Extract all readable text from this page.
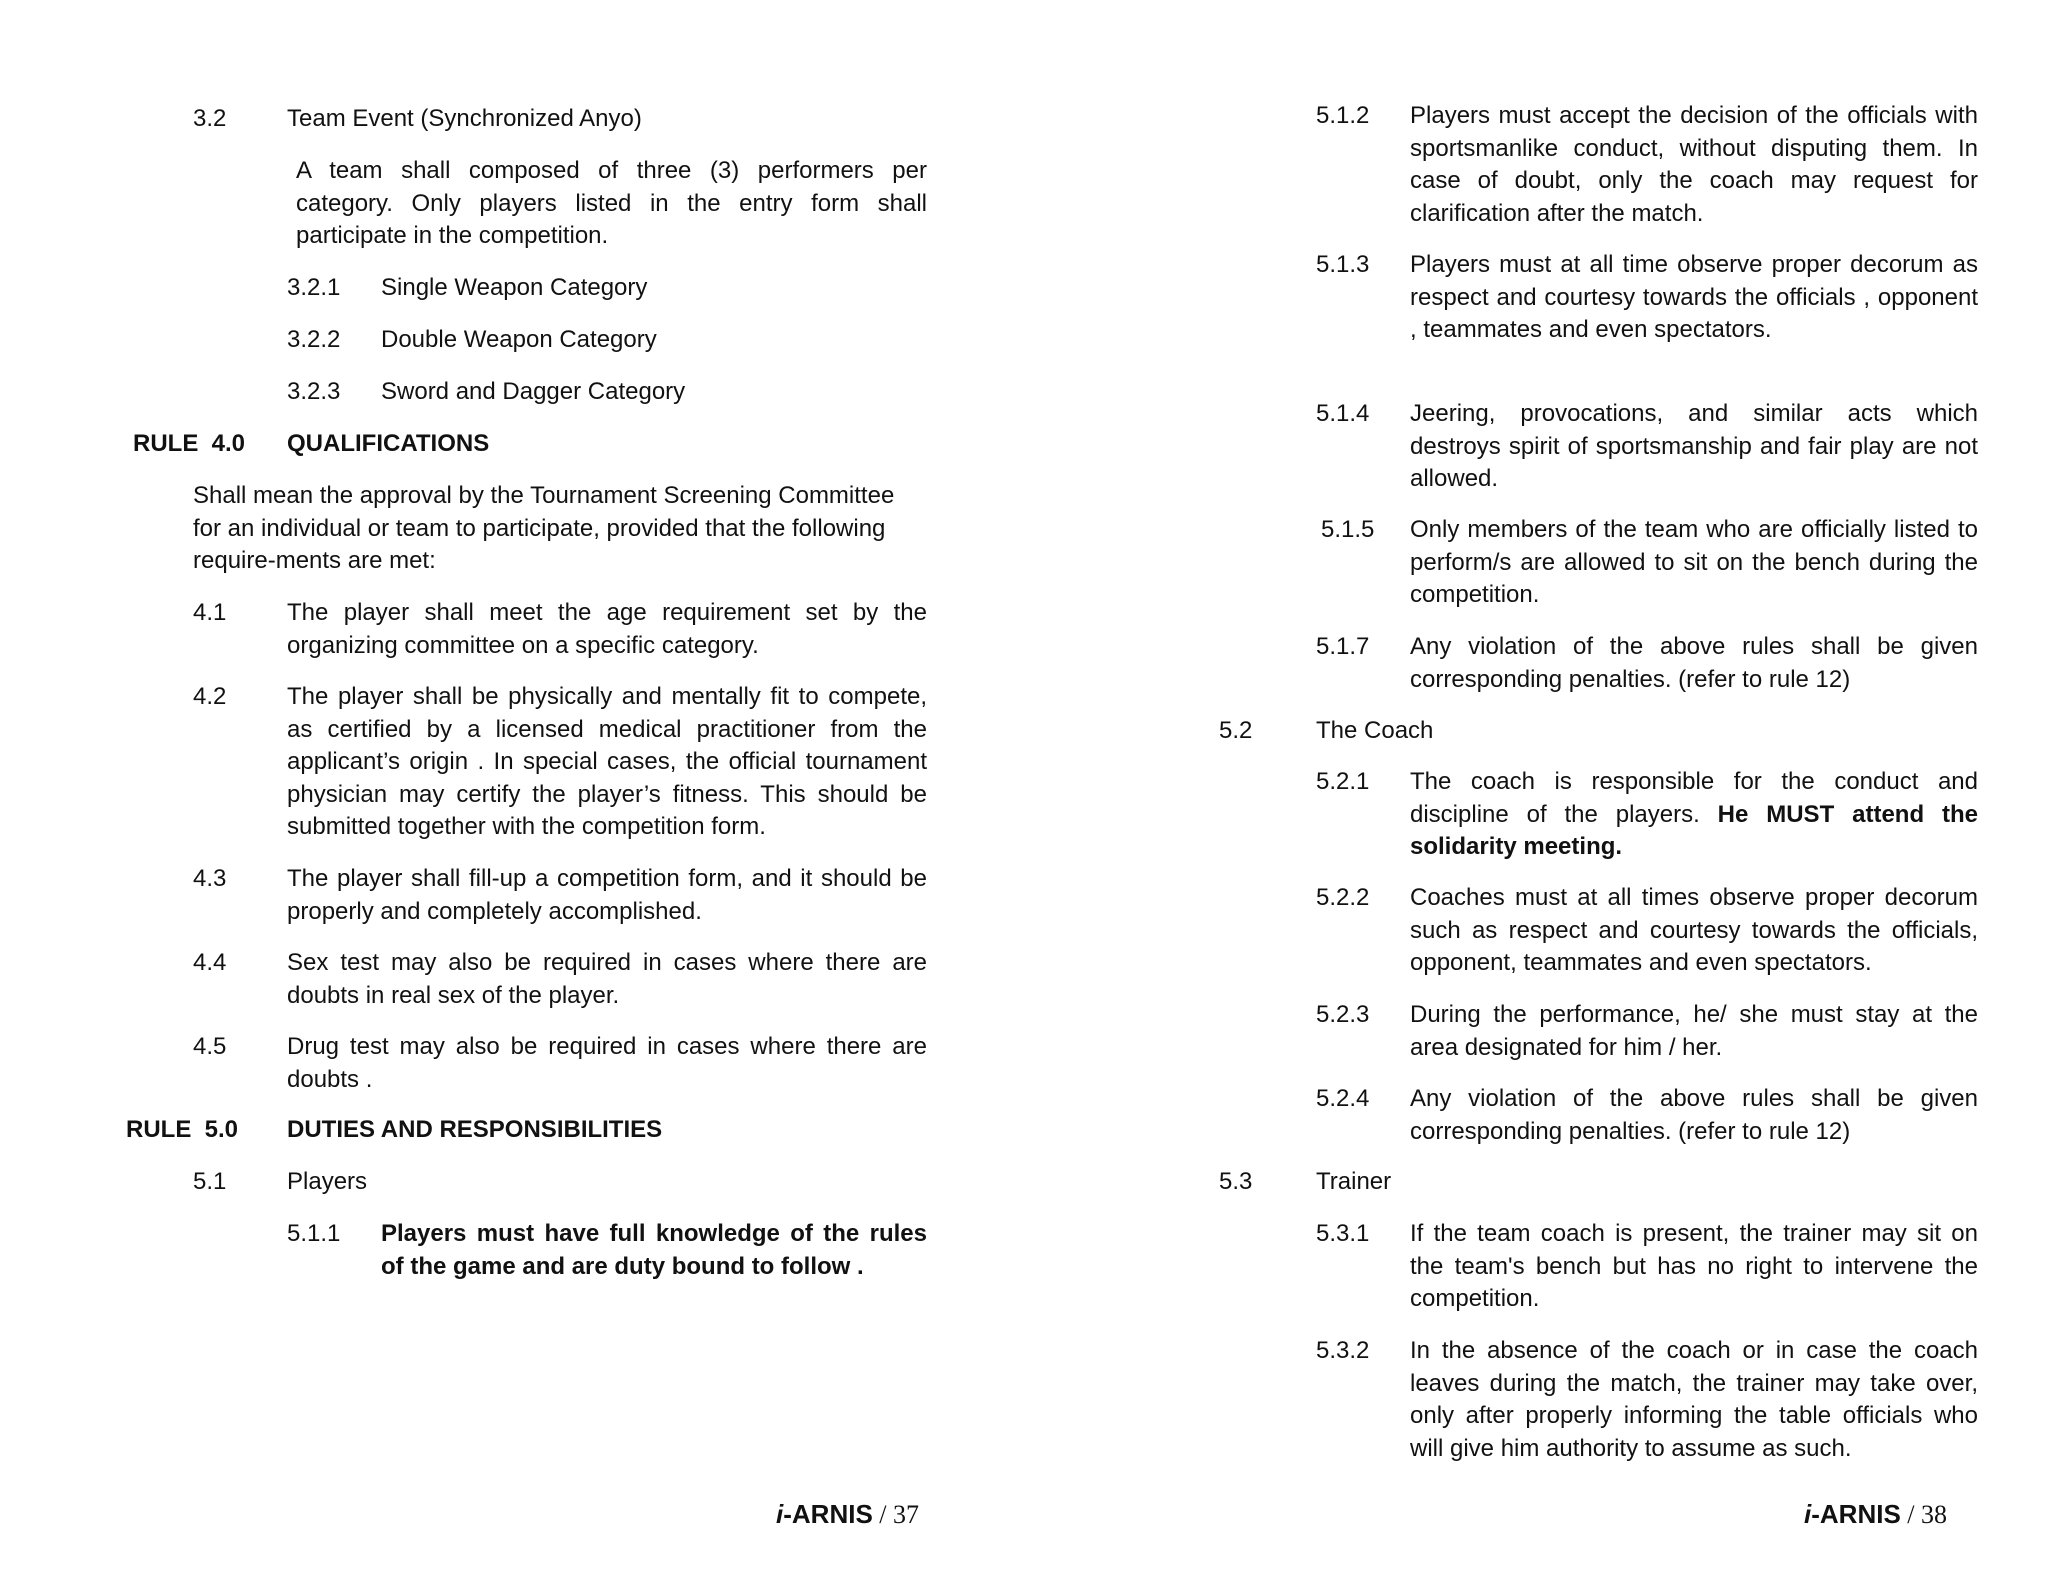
3.2	Team Event (Synchronized Anyo)
A team shall composed of three (3) performers per category. Only players listed in the entry form shall participate in the competition.
3.2.1 Single Weapon Category
3.2.2 Double Weapon Category
3.2.3 Sword and Dagger Category
RULE  4.0 QUALIFICATIONS
Shall mean the approval by the Tournament Screening Committee for an individual or team to participate, provided that the following require-ments are met:
4.1	The player shall meet the age requirement set by the organizing committee on a specific category.
4.2	The player shall be physically and mentally fit to compete, as certified by a licensed medical practitioner from the applicant’s origin . In special cases, the official tournament physician may certify the player’s fitness. This should be submitted together with the competition form.
4.3	The player shall fill-up a competition form, and it should be properly and completely accomplished.
4.4	Sex test may also be required in cases where there are doubts in real sex of the player.
4.5	Drug test may also be required in cases where there are doubts .
RULE  5.0 DUTIES AND RESPONSIBILITIES
5.1	Players
5.1.1 Players must have full knowledge of the rules of the game and are duty bound to follow .
i-ARNIS / 37
5.1.2 Players must accept the decision of the officials with sportsmanlike conduct, without disputing them. In case of doubt, only the coach may request for clarification after the match.
5.1.3 Players must at all time observe proper decorum as respect and courtesy towards the officials , opponent , teammates and even spectators.
5.1.4 Jeering, provocations, and similar acts which destroys spirit of sportsmanship and fair play are not allowed.
5.1.5 Only members of the team who are officially listed to perform/s are allowed to sit on the bench during the competition.
5.1.7 Any violation of the above rules shall be given corresponding penalties. (refer to rule 12)
5.2	The Coach
5.2.1 The coach is responsible for the conduct and discipline of the players. He MUST attend the solidarity meeting.
5.2.2 Coaches must at all times observe proper decorum such as respect and courtesy towards the officials, opponent, teammates and even spectators.
5.2.3 During the performance, he/ she must stay at the area designated for him / her.
5.2.4 Any violation of the above rules shall be given corresponding penalties. (refer to rule 12)
5.3	Trainer
5.3.1 If the team coach is present, the trainer may sit on the team's bench but has no right to intervene the competition.
5.3.2 In the absence of the coach or in case the coach leaves during the match, the trainer may take over, only after properly informing the table officials who will give him authority to assume as such.
i-ARNIS / 38
